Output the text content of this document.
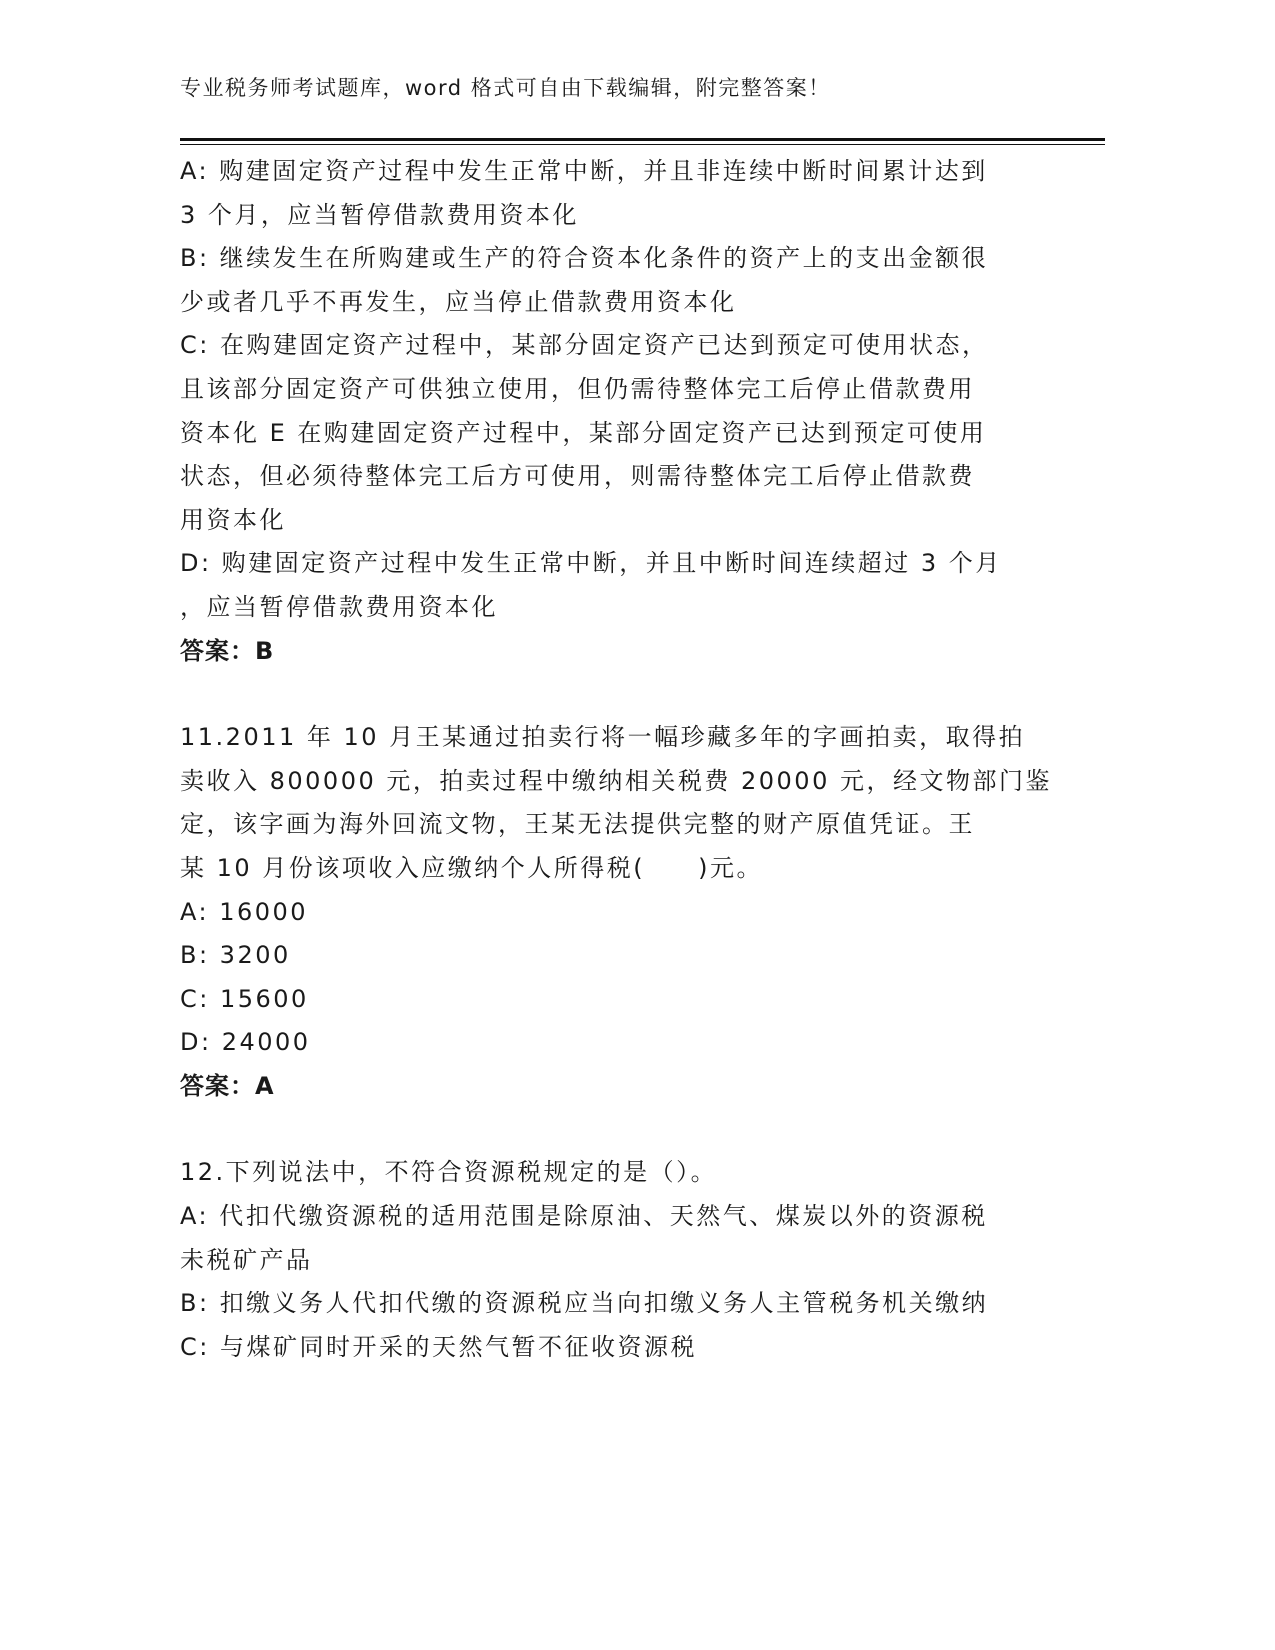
专业税务师考试题库，word 格式可自由下载编辑，附完整答案！
A: 购建固定资产过程中发生正常中断，并且非连续中断时间累计达到
3 个月，应当暂停借款费用资本化
B: 继续发生在所购建或生产的符合资本化条件的资产上的支出金额很
少或者几乎不再发生，应当停止借款费用资本化
C: 在购建固定资产过程中，某部分固定资产已达到预定可使用状态，
且该部分固定资产可供独立使用，但仍需待整体完工后停止借款费用
资本化 E 在购建固定资产过程中，某部分固定资产已达到预定可使用
状态，但必须待整体完工后方可使用，则需待整体完工后停止借款费
用资本化
D: 购建固定资产过程中发生正常中断，并且中断时间连续超过 3 个月
，应当暂停借款费用资本化
答案：B
11.2011 年 10 月王某通过拍卖行将一幅珍藏多年的字画拍卖，取得拍
卖收入 800000 元，拍卖过程中缴纳相关税费 20000 元，经文物部门鉴
定，该字画为海外回流文物，王某无法提供完整的财产原值凭证。王
某 10 月份该项收入应缴纳个人所得税(　　)元。
A: 16000
B: 3200
C: 15600
D: 24000
答案：A
12.下列说法中，不符合资源税规定的是（）。
A: 代扣代缴资源税的适用范围是除原油、天然气、煤炭以外的资源税
未税矿产品
B: 扣缴义务人代扣代缴的资源税应当向扣缴义务人主管税务机关缴纳
C: 与煤矿同时开采的天然气暂不征收资源税
